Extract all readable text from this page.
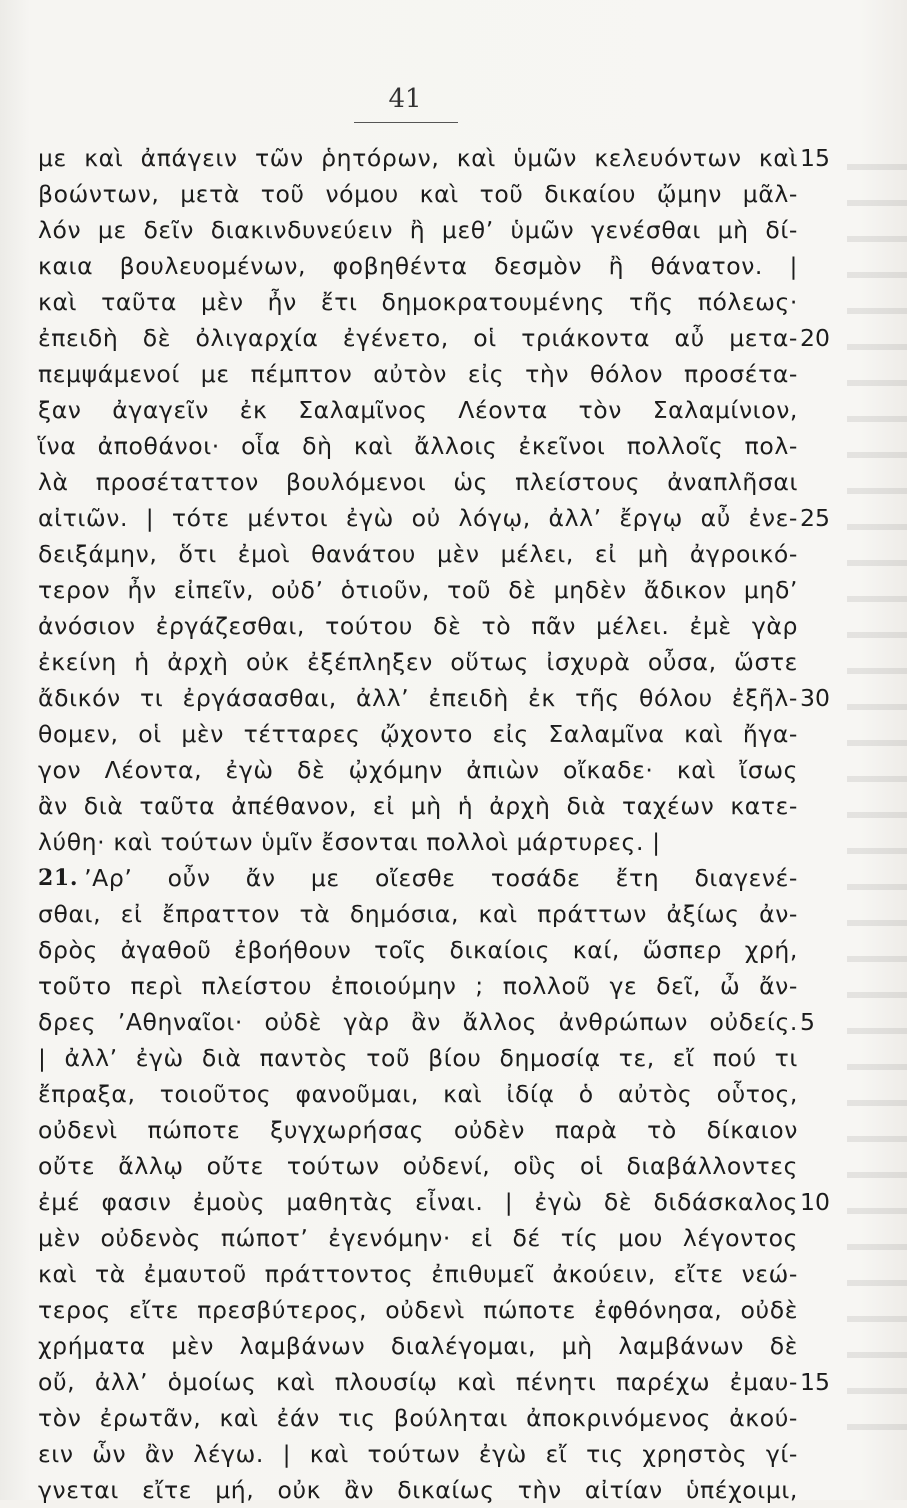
41
με καὶ ἀπάγειν τῶν ῥητόρων, καὶ ὑμῶν κελευόντων καὶ 15
βοώντων, μετὰ τοῦ νόμου καὶ τοῦ δικαίου ᾤμην μᾶλ-
λόν με δεῖν διακινδυνεύειν ἢ μεθʼ ὑμῶν γενέσθαι μὴ δί-
καια βουλευομένων, φοβηθέντα δεσμὸν ἢ θάνατον. |
καὶ ταῦτα μὲν ἦν ἔτι δημοκρατουμένης τῆς πόλεως·
ἐπειδὴ δὲ ὀλιγαρχία ἐγένετο, οἱ τριάκοντα αὖ μετα- 20
πεμψάμενοί με πέμπτον αὐτὸν εἰς τὴν θόλον προσέτα-
ξαν ἀγαγεῖν ἐκ Σαλαμῖνος Λέοντα τὸν Σαλαμίνιον,
ἵνα ἀποθάνοι· οἷα δὴ καὶ ἄλλοις ἐκεῖνοι πολλοῖς πολ-
λὰ προσέταττον βουλόμενοι ὡς πλείστους ἀναπλῆσαι
αἰτιῶν. | τότε μέντοι ἐγὼ οὐ λόγῳ, ἀλλʼ ἔργῳ αὖ ἐνε- 25
δειξάμην, ὅτι ἐμοὶ θανάτου μὲν μέλει, εἰ μὴ ἀγροικό-
τερον ἦν εἰπεῖν, οὐδʼ ὁτιοῦν, τοῦ δὲ μηδὲν ἄδικον μηδʼ
ἀνόσιον ἐργάζεσθαι, τούτου δὲ τὸ πᾶν μέλει. ἐμὲ γὰρ
ἐκείνη ἡ ἀρχὴ οὐκ ἐξέπληξεν οὕτως ἰσχυρὰ οὖσα, ὥστε
ἄδικόν τι ἐργάσασθαι, ἀλλʼ ἐπειδὴ ἐκ τῆς θόλου ἐξῆλ- 30
θομεν, οἱ μὲν τέτταρες ᾤχοντο εἰς Σαλαμῖνα καὶ ἤγα-
γον Λέοντα, ἐγὼ δὲ ᾠχόμην ἀπιὼν οἴκαδε· καὶ ἴσως
ἂν διὰ ταῦτα ἀπέθανον, εἰ μὴ ἡ ἀρχὴ διὰ ταχέων κατε-
λύθη· καὶ τούτων ὑμῖν ἔσονται πολλοὶ μάρτυρες. |
21. ʼΑρʼ οὖν ἄν με οἴεσθε τοσάδε ἔτη διαγενέ-
σθαι, εἰ ἔπραττον τὰ δημόσια, καὶ πράττων ἀξίως ἀν-
δρὸς ἀγαθοῦ ἐβοήθουν τοῖς δικαίοις καί, ὥσπερ χρή,
τοῦτο περὶ πλείστου ἐποιούμην ; πολλοῦ γε δεῖ, ὦ ἄν-
δρες ʼΑθηναῖοι· οὐδὲ γὰρ ἂν ἄλλος ἀνθρώπων οὐδείς. 5
| ἀλλʼ ἐγὼ διὰ παντὸς τοῦ βίου δημοσίᾳ τε, εἴ πού τι
ἔπραξα, τοιοῦτος φανοῦμαι, καὶ ἰδίᾳ ὁ αὐτὸς οὗτος,
οὐδενὶ πώποτε ξυγχωρήσας οὐδὲν παρὰ τὸ δίκαιον
οὔτε ἄλλῳ οὔτε τούτων οὐδενί, οὓς οἱ διαβάλλοντες
ἐμέ φασιν ἐμοὺς μαθητὰς εἶναι. | ἐγὼ δὲ διδάσκαλος 10
μὲν οὐδενὸς πώποτʼ ἐγενόμην· εἰ δέ τίς μου λέγοντος
καὶ τὰ ἐμαυτοῦ πράττοντος ἐπιθυμεῖ ἀκούειν, εἴτε νεώ-
τερος εἴτε πρεσβύτερος, οὐδενὶ πώποτε ἐφθόνησα, οὐδὲ
χρήματα μὲν λαμβάνων διαλέγομαι, μὴ λαμβάνων δὲ
οὔ, ἀλλʼ ὁμοίως καὶ πλουσίῳ καὶ πένητι παρέχω ἐμαυ- 15
τὸν ἐρωτᾶν, καὶ ἐάν τις βούληται ἀποκρινόμενος ἀκού-
ειν ὧν ἂν λέγω. | καὶ τούτων ἐγὼ εἴ τις χρηστὸς γί-
γνεται εἴτε μή, οὐκ ἂν δικαίως τὴν αἰτίαν ὑπέχοιμι,
